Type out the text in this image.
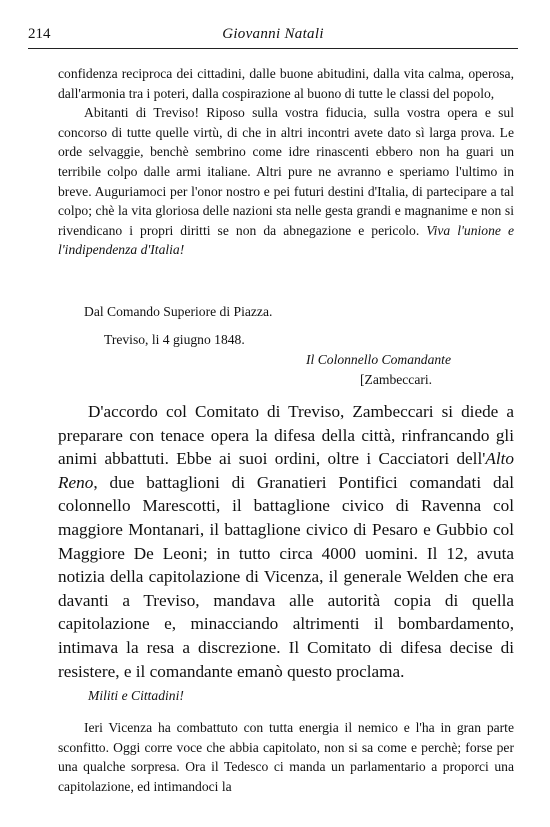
214	Giovanni Natali

confidenza reciproca dei cittadini, dalle buone abitudini, dalla vita calma, operosa, dall'armonia tra i poteri, dalla cospirazione al buono di tutte le classi del popolo,

Abitanti di Treviso! Riposo sulla vostra fiducia, sulla vostra opera e sul concorso di tutte quelle virtù, di che in altri incontri avete dato sì larga prova. Le orde selvaggie, benchè sembrino come idre rinascenti ebbero non ha guari un terribile colpo dalle armi italiane. Altri pure ne avranno e speriamo l'ultimo in breve. Auguriamoci per l'onor nostro e pei futuri destini d'Italia, di partecipare a tal colpo; chè la vita gloriosa delle nazioni sta nelle gesta grandi e magnanime e non si rivendicano i propri diritti se non da abnegazione e pericolo. Viva l'unione e l'indipendenza d'Italia!

Dal Comando Superiore di Piazza.
Treviso, li 4 giugno 1848.
Il Colonnello Comandante
[Zambeccari.

D'accordo col Comitato di Treviso, Zambeccari si diede a preparare con tenace opera la difesa della città, rinfrancando gli animi abbattuti. Ebbe ai suoi ordini, oltre i Cacciatori dell'Alto Reno, due battaglioni di Granatieri Pontifici comandati dal colonnello Marescotti, il battaglione civico di Ravenna col maggiore Montanari, il battaglione civico di Pesaro e Gubbio col Maggiore De Leoni; in tutto circa 4000 uomini. Il 12, avuta notizia della capitolazione di Vicenza, il generale Welden che era davanti a Treviso, mandava alle autorità copia di quella capitolazione e, minacciando altrimenti il bombardamento, intimava la resa a discrezione. Il Comitato di difesa decise di resistere, e il comandante emanò questo proclama.

Militi e Cittadini!

Ieri Vicenza ha combattuto con tutta energia il nemico e l'ha in gran parte sconfitto. Oggi corre voce che abbia capitolato, non si sa come e perchè; forse per una qualche sorpresa. Ora il Tedesco ci manda un parlamentario a proporci una capitolazione, ed intimandoci la
